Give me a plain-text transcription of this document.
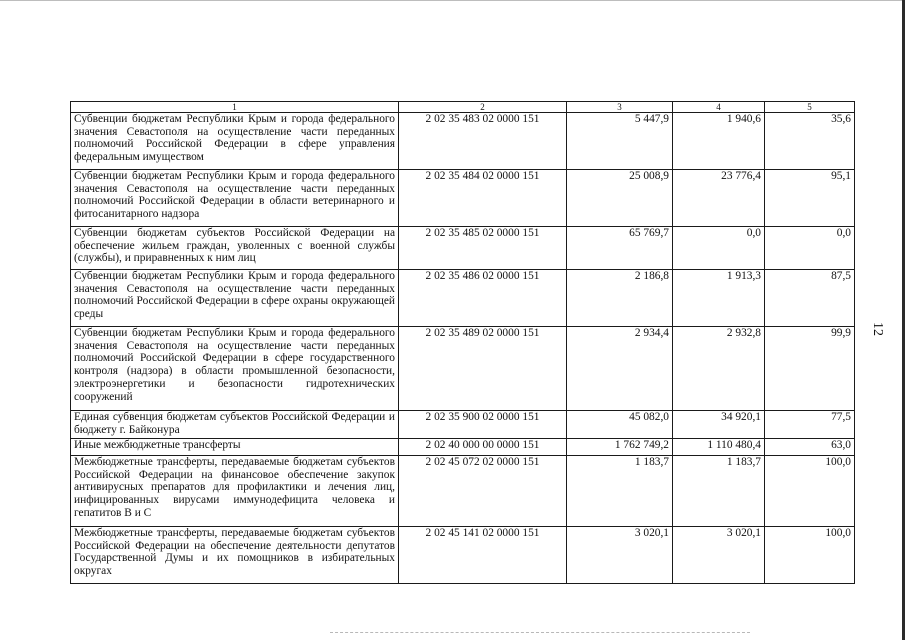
12
1	2	3	4	5
Субвенции бюджетам Республики Крым и города федерального значения Севастополя на осуществление части переданных полномочий Российской Федерации в сфере управления федеральным имуществом	2 02 35 483 02 0000 151	5 447,9	1 940,6	35,6
Субвенции бюджетам Республики Крым и города федерального значения Севастополя на осуществление части переданных полномочий Российской Федерации в области ветеринарного и фитосанитарного надзора	2 02 35 484 02 0000 151	25 008,9	23 776,4	95,1
Субвенции бюджетам субъектов Российской Федерации на обеспечение жильем граждан, уволенных с военной службы (службы), и приравненных к ним лиц	2 02 35 485 02 0000 151	65 769,7	0,0	0,0
Субвенции бюджетам Республики Крым и города федерального значения Севастополя на осуществление части переданных полномочий Российской Федерации в сфере охраны окружающей среды	2 02 35 486 02 0000 151	2 186,8	1 913,3	87,5
Субвенции бюджетам Республики Крым и города федерального значения Севастополя на осуществление части переданных полномочий Российской Федерации в сфере государственного контроля (надзора) в области промышленной безопасности, электроэнергетики и безопасности гидротехнических сооружений	2 02 35 489 02 0000 151	2 934,4	2 932,8	99,9
Единая субвенция бюджетам субъектов Российской Федерации и бюджету г. Байконура	2 02 35 900 02 0000 151	45 082,0	34 920,1	77,5
Иные межбюджетные трансферты	2 02 40 000 00 0000 151	1 762 749,2	1 110 480,4	63,0
Межбюджетные трансферты, передаваемые бюджетам субъектов Российской Федерации на финансовое обеспечение закупок антивирусных препаратов для профилактики и лечения лиц, инфицированных вирусами иммунодефицита человека и гепатитов В и С	2 02 45 072 02 0000 151	1 183,7	1 183,7	100,0
Межбюджетные трансферты, передаваемые бюджетам субъектов Российской Федерации на обеспечение деятельности депутатов Государственной Думы и их помощников в избирательных округах	2 02 45 141 02 0000 151	3 020,1	3 020,1	100,0
